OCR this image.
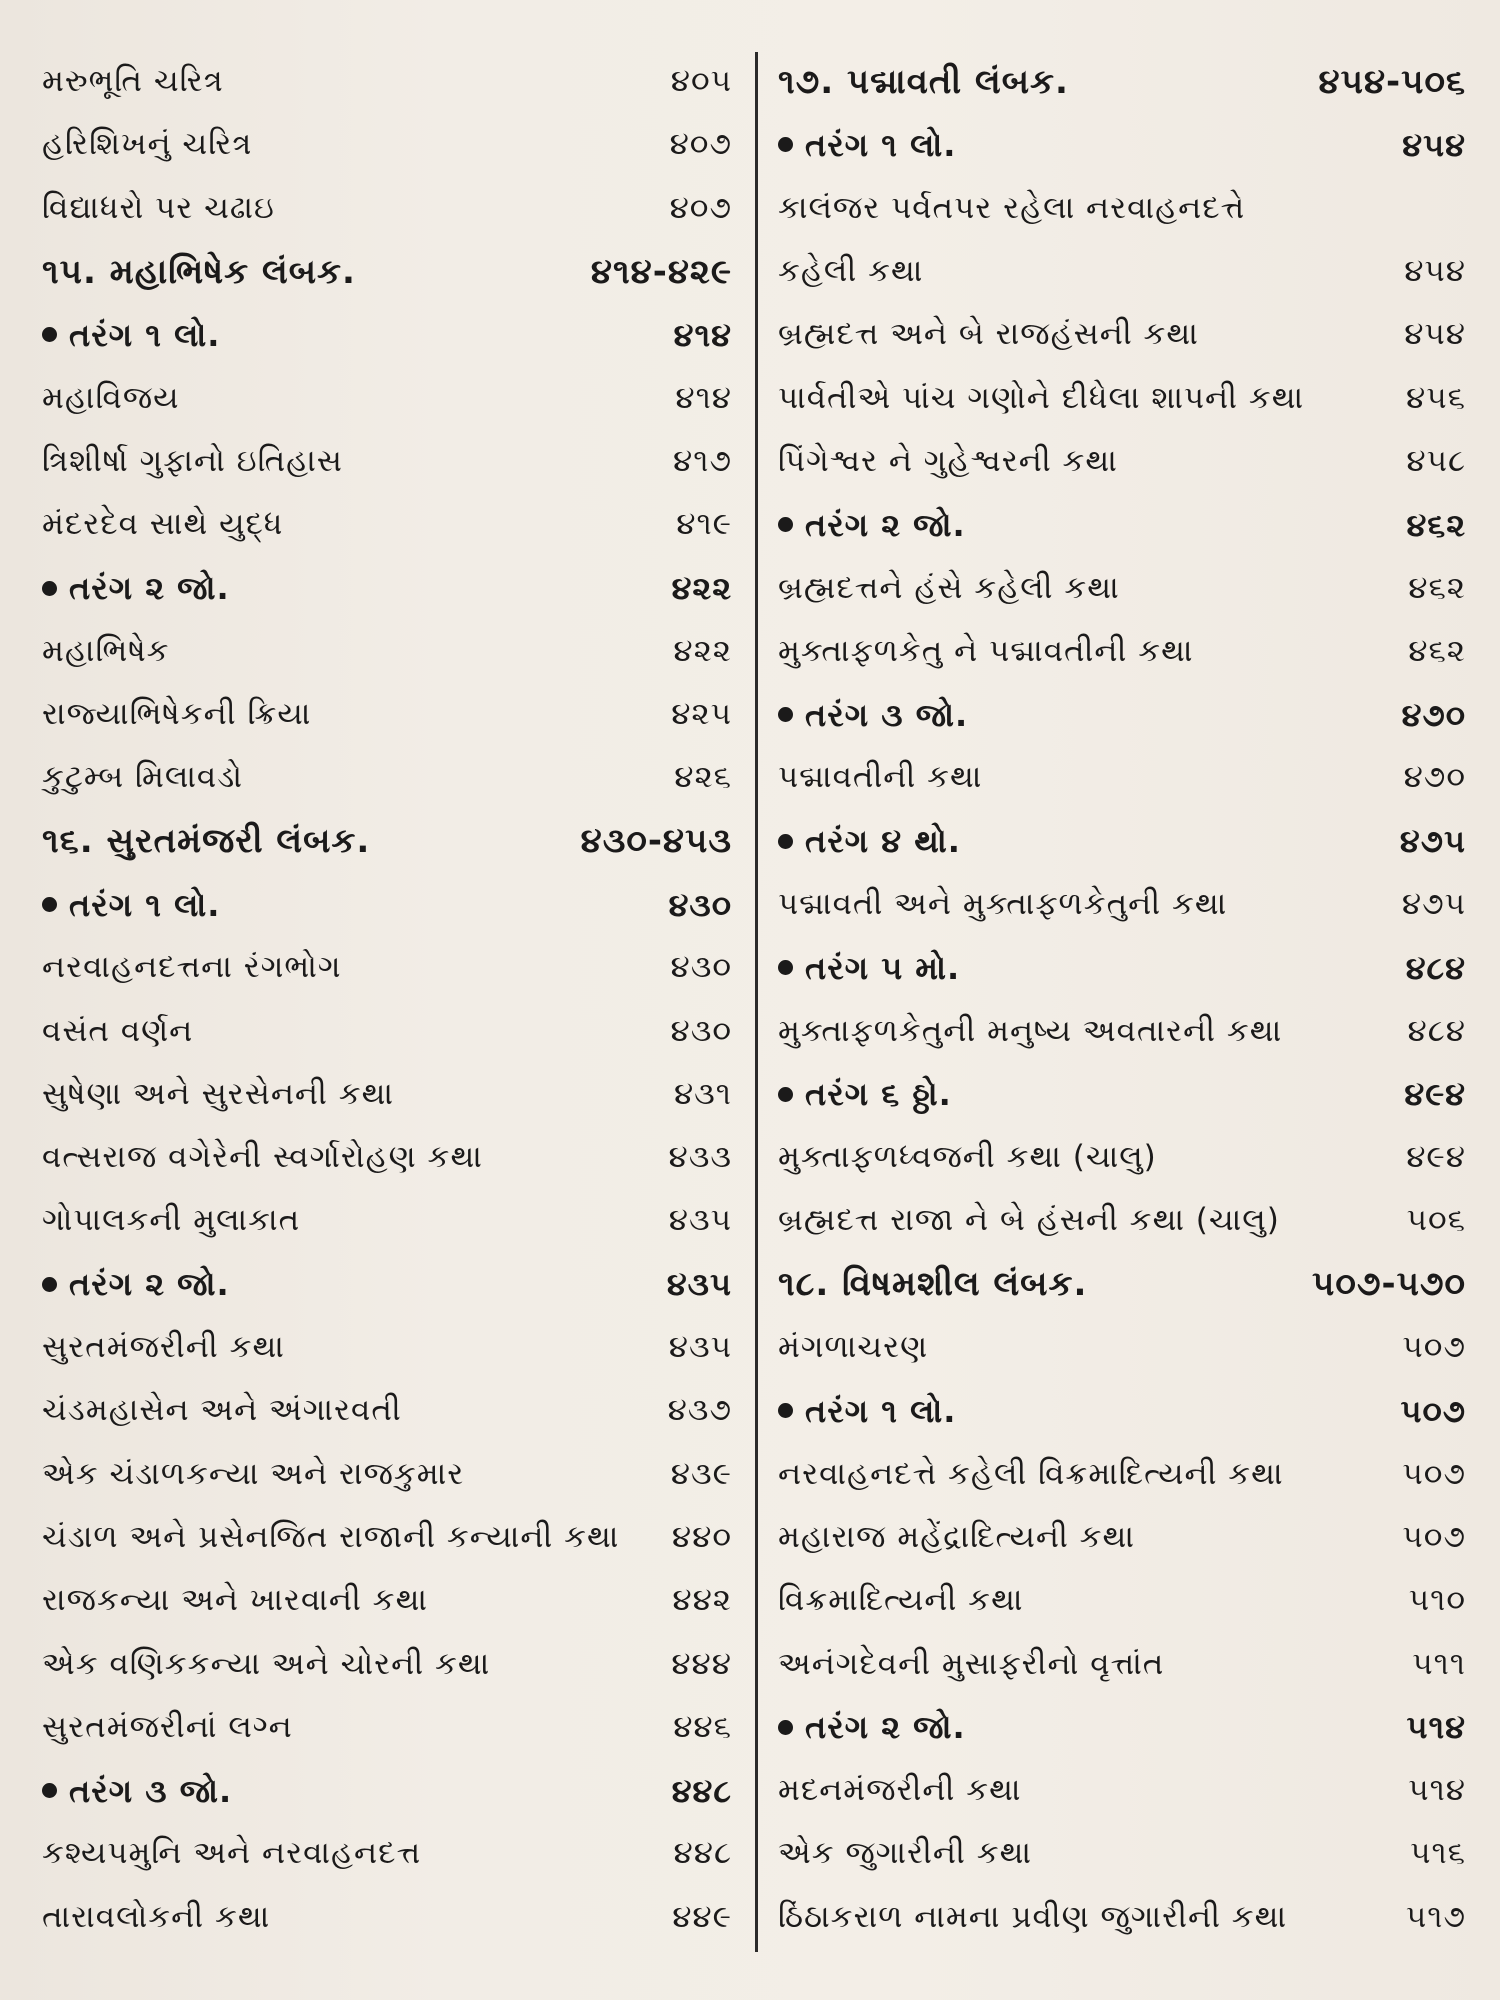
મરુભૂતિ ચરિત્ર	૪૦૫
હરિશિખનું ચરિત્ર	૪૦૭
વિદ્યાધરો પર ચઢાઇ	૪૦૭
૧૫. મહાભિષેક લંબક.	૪૧૪-૪૨૯
તરંગ ૧ લો.	૪૧૪
મહાવિજય	૪૧૪
ત્રિશીર્ષા ગુફાનો ઇતિહાસ	૪૧૭
મંદરદેવ સાથે યુદ્ધ	૪૧૯
તરંગ ૨ જો.	૪૨૨
મહાભિષેક	૪૨૨
રાજ્યાભિષેકની ક્રિયા	૪૨૫
કુટુમ્બ મિલાવડો	૪૨૬
૧૬. સુરતમંજરી લંબક.	૪૩૦-૪૫૩
તરંગ ૧ લો.	૪૩૦
નરવાહનદત્તના રંગભોગ	૪૩૦
વસંત વર્ણન	૪૩૦
સુષેણા અને સુરસેનની કથા	૪૩૧
વત્સરાજ વગેરેની સ્વર્ગારોહણ કથા	૪૩૩
ગોપાલકની મુલાકાત	૪૩૫
તરંગ ૨ જો.	૪૩૫
સુરતમંજરીની કથા	૪૩૫
ચંડમહાસેન અને અંગારવતી	૪૩૭
એક ચંડાળકન્યા અને રાજકુમાર	૪૩૯
ચંડાળ અને પ્રસેનજિત રાજાની કન્યાની કથા ૪૪૦
રાજકન્યા અને ખારવાની કથા	૪૪૨
એક વણિકકન્યા અને ચોરની કથા	૪૪૪
સુરતમંજરીનાં લગ્ન	૪૪૬
તરંગ ૩ જો.	૪૪૮
કશ્યપમુનિ અને નરવાહનદત્ત	૪૪૮
તારાવલોકની કથા	૪૪૯
૧૭. પદ્માવતી લંબક.	૪૫૪-૫૦૬
તરંગ ૧ લો.	૪૫૪
કાલંજર પર્વતપર રહેલા નરવાહનદત્તે
કહેલી કથા	૪૫૪
બ્રહ્મદત્ત અને બે રાજહંસની કથા	૪૫૪
પાર્વતીએ પાંચ ગણોને દીધેલા શાપની કથા	૪૫૬
પિંગેશ્વર ને ગુહેશ્વરની કથા	૪૫૮
તરંગ ૨ જો.	૪૬૨
બ્રહ્મદત્તને હંસે કહેલી કથા	૪૬૨
મુક્તાફળકેતુ ને પદ્માવતીની કથા	૪૬૨
તરંગ ૩ જો.	૪૭૦
પદ્માવતીની કથા	૪૭૦
તરંગ ૪ થો.	૪૭૫
પદ્માવતી અને મુક્તાફળકેતુની કથા	૪૭૫
તરંગ ૫ મો.	૪૮૪
મુક્તાફળકેતુની મનુષ્ય અવતારની કથા	૪૮૪
તરંગ ૬ ઠ્ઠો.	૪૯૪
મુક્તાફળધ્વજની કથા (ચાલુ)	૪૯૪
બ્રહ્મદત્ત રાજા ને બે હંસની કથા (ચાલુ)	૫૦૬
૧૮. વિષમશીલ લંબક.	૫૦૭-૫૭૦
મંગળાચરણ	૫૦૭
તરંગ ૧ લો.	૫૦૭
નરવાહનદત્તે કહેલી વિક્રમાદિત્યની કથા	૫૦૭
મહારાજ મહેંદ્રાદિત્યની કથા	૫૦૭
વિક્રમાદિત્યની કથા	૫૧૦
અનંગદેવની મુસાફરીનો વૃત્તાંત	૫૧૧
તરંગ ૨ જો.	૫૧૪
મદનમંજરીની કથા	૫૧૪
એક જુગારીની કથા	૫૧૬
ઠિંઠાકરાળ નામના પ્રવીણ જુગારીની કથા	૫૧૭
